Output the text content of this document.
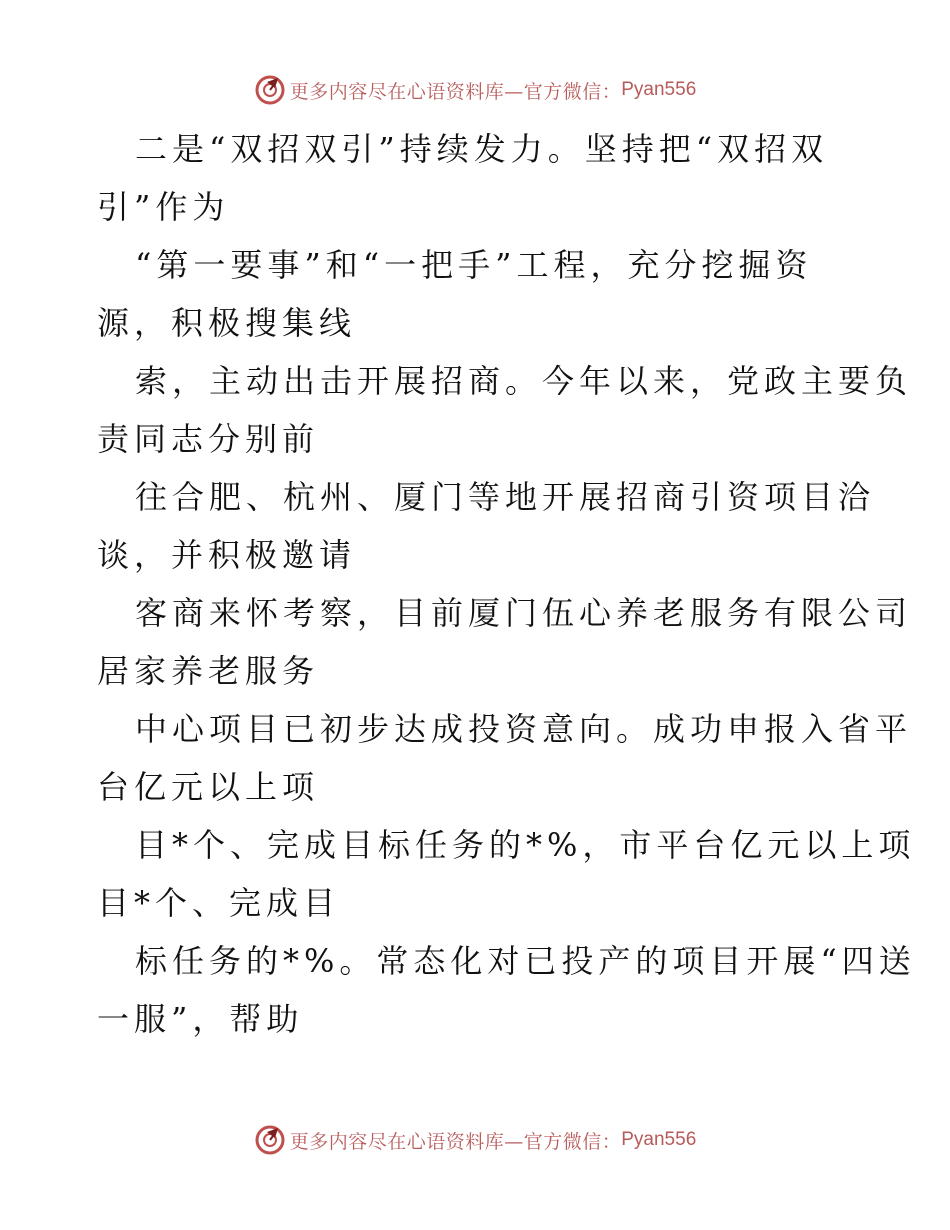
更多内容尽在心语资料库—官方微信： Pyan556
二是“双招双引”持续发力。坚持把“双招双
引”作为
“第一要事”和“一把手”工程，充分挖掘资
源，积极搜集线
索，主动出击开展招商。今年以来，党政主要负
责同志分别前
往合肥、杭州、厦门等地开展招商引资项目洽
谈，并积极邀请
客商来怀考察，目前厦门伍心养老服务有限公司
居家养老服务
中心项目已初步达成投资意向。成功申报入省平
台亿元以上项
目*个、完成目标任务的*%，市平台亿元以上项
目*个、完成目
标任务的*%。常态化对已投产的项目开展“四送
一服”，帮助
更多内容尽在心语资料库—官方微信： Pyan556
